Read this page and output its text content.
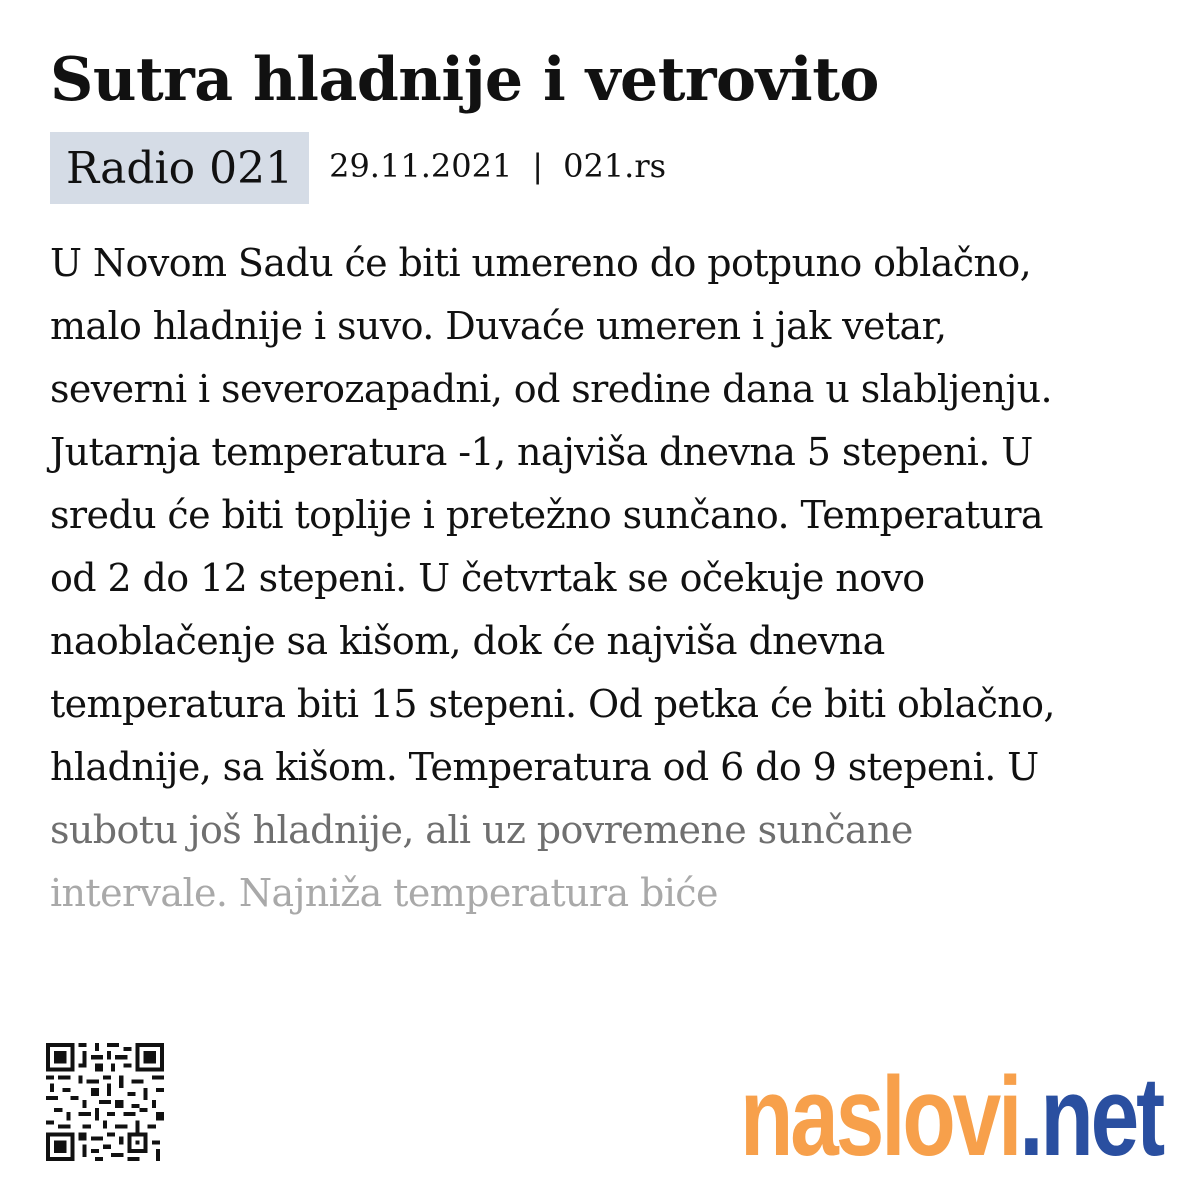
Sutra hladnije i vetrovito
Radio 021	29.11.2021 | 021.rs

U Novom Sadu će biti umereno do potpuno oblačno,
malo hladnije i suvo. Duvaće umeren i jak vetar,
severni i severozapadni, od sredine dana u slabljenju.
Jutarnja temperatura -1, najviša dnevna 5 stepeni. U
sredu će biti toplije i pretežno sunčano. Temperatura
od 2 do 12 stepeni. U četvrtak se očekuje novo
naoblačenje sa kišom, dok će najviša dnevna
temperatura biti 15 stepeni. Od petka će biti oblačno,
hladnije, sa kišom. Temperatura od 6 do 9 stepeni. U
subotu još hladnije, ali uz povremene sunčane
intervale. Najniža temperatura biće

naslovi.net
